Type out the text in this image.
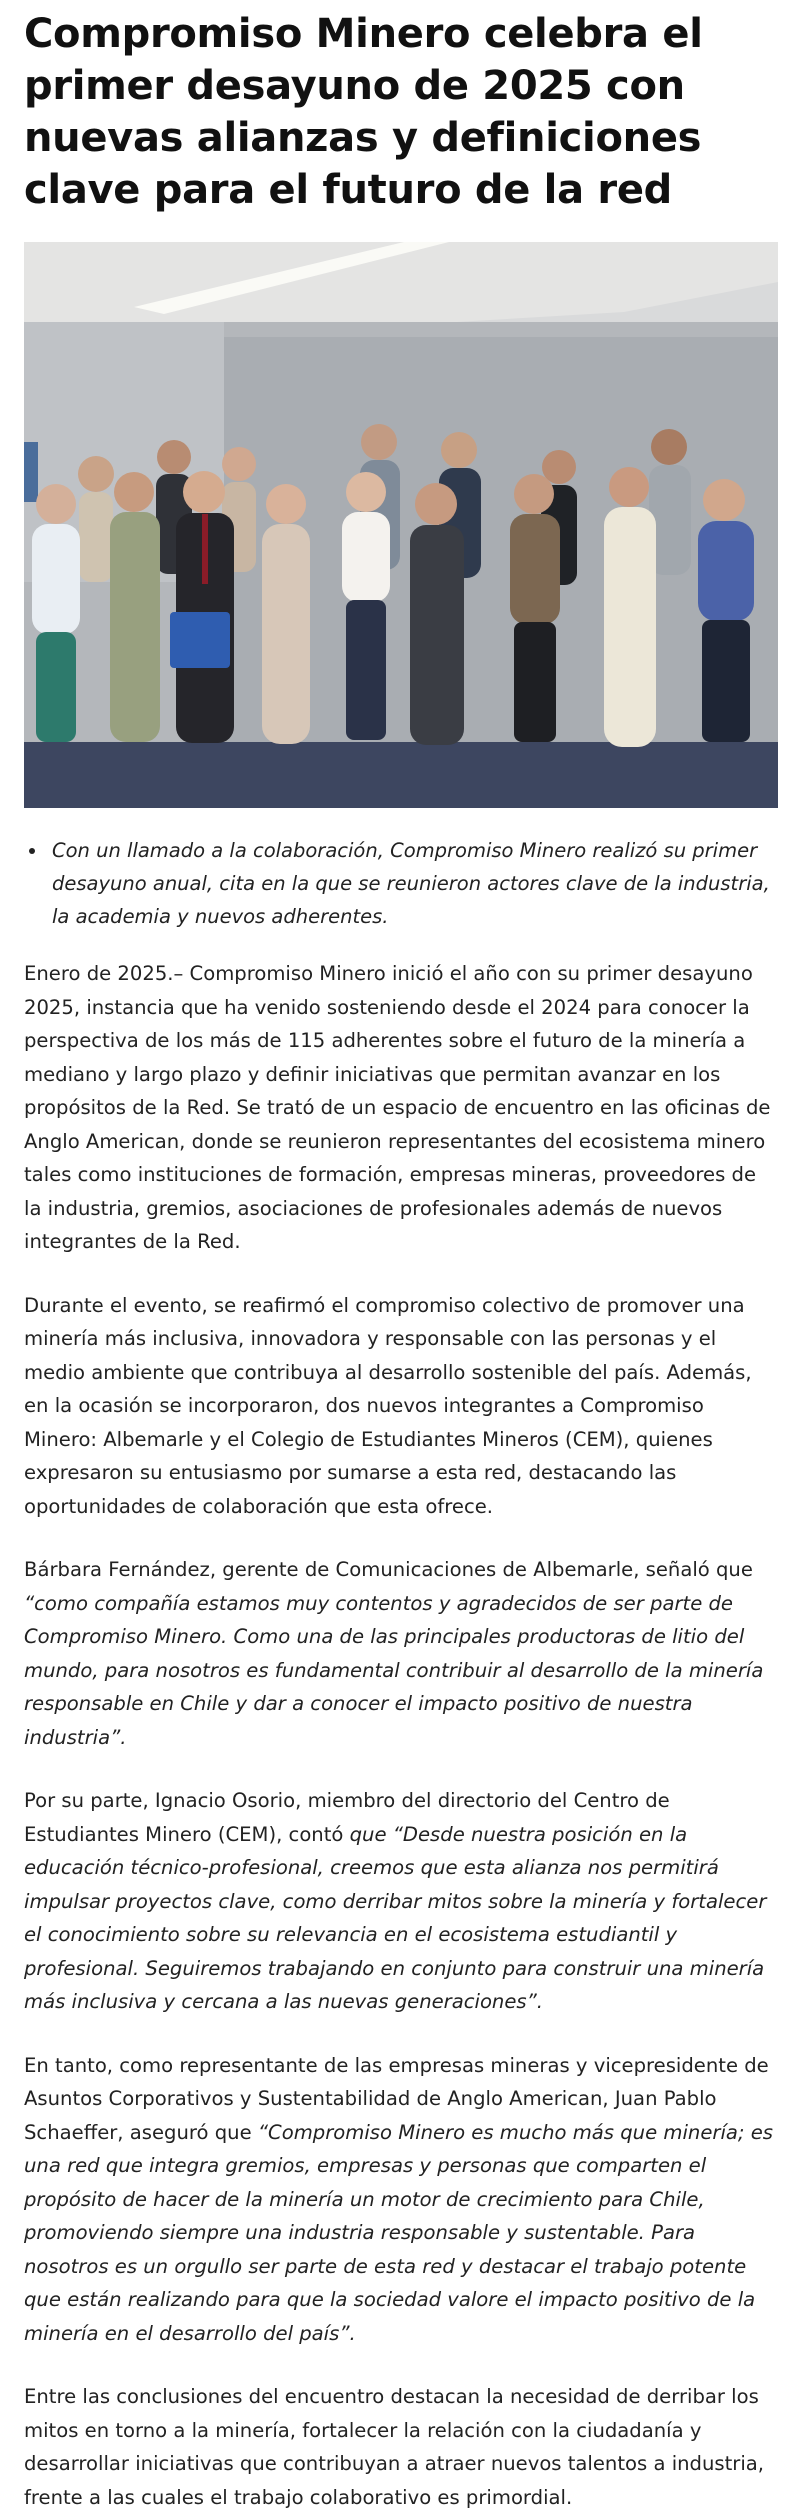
Compromiso Minero celebra el primer desayuno de 2025 con nuevas alianzas y definiciones clave para el futuro de la red
• Con un llamado a la colaboración, Compromiso Minero realizó su primer desayuno anual, cita en la que se reunieron actores clave de la industria, la academia y nuevos adherentes.

Enero de 2025.– Compromiso Minero inició el año con su primer desayuno 2025, instancia que ha venido sosteniendo desde el 2024 para conocer la perspectiva de los más de 115 adherentes sobre el futuro de la minería a mediano y largo plazo y definir iniciativas que permitan avanzar en los propósitos de la Red. Se trató de un espacio de encuentro en las oficinas de Anglo American, donde se reunieron representantes del ecosistema minero tales como instituciones de formación, empresas mineras, proveedores de la industria, gremios, asociaciones de profesionales además de nuevos integrantes de la Red.

Durante el evento, se reafirmó el compromiso colectivo de promover una minería más inclusiva, innovadora y responsable con las personas y el medio ambiente que contribuya al desarrollo sostenible del país. Además, en la ocasión se incorporaron, dos nuevos integrantes a Compromiso Minero: Albemarle y el Colegio de Estudiantes Mineros (CEM), quienes expresaron su entusiasmo por sumarse a esta red, destacando las oportunidades de colaboración que esta ofrece.

Bárbara Fernández, gerente de Comunicaciones de Albemarle, señaló que “como compañía estamos muy contentos y agradecidos de ser parte de Compromiso Minero. Como una de las principales productoras de litio del mundo, para nosotros es fundamental contribuir al desarrollo de la minería responsable en Chile y dar a conocer el impacto positivo de nuestra industria”.

Por su parte, Ignacio Osorio, miembro del directorio del Centro de Estudiantes Minero (CEM), contó que “Desde nuestra posición en la educación técnico-profesional, creemos que esta alianza nos permitirá impulsar proyectos clave, como derribar mitos sobre la minería y fortalecer el conocimiento sobre su relevancia en el ecosistema estudiantil y profesional. Seguiremos trabajando en conjunto para construir una minería más inclusiva y cercana a las nuevas generaciones”.

En tanto, como representante de las empresas mineras y vicepresidente de Asuntos Corporativos y Sustentabilidad de Anglo American, Juan Pablo Schaeffer, aseguró que “Compromiso Minero es mucho más que minería; es una red que integra gremios, empresas y personas que comparten el propósito de hacer de la minería un motor de crecimiento para Chile, promoviendo siempre una industria responsable y sustentable. Para nosotros es un orgullo ser parte de esta red y destacar el trabajo potente que están realizando para que la sociedad valore el impacto positivo de la minería en el desarrollo del país”.

Entre las conclusiones del encuentro destacan la necesidad de derribar los mitos en torno a la minería, fortalecer la relación con la ciudadanía y desarrollar iniciativas que contribuyan a atraer nuevos talentos a industria, frente a las cuales el trabajo colaborativo es primordial.
